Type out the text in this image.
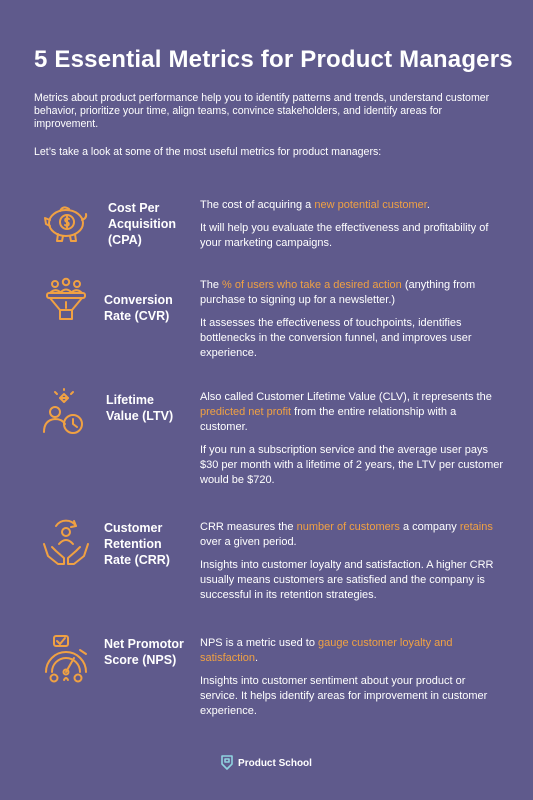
5 Essential Metrics for Product Managers
Metrics about product performance help you to identify patterns and trends, understand customer behavior, prioritize your time, align teams, convince stakeholders, and identify areas for improvement.
Let’s take a look at some of the most useful metrics for product managers:
Cost Per Acquisition (CPA)

The cost of acquiring a new potential customer.

It will help you evaluate the effectiveness and profitability of your marketing campaigns.

Conversion Rate (CVR)

The % of users who take a desired action (anything from purchase to signing up for a newsletter.)

It assesses the effectiveness of touchpoints, identifies bottlenecks in the conversion funnel, and improves user experience.

Lifetime Value (LTV)

Also called Customer Lifetime Value (CLV), it represents the predicted net profit from the entire relationship with a customer.

If you run a subscription service and the average user pays $30 per month with a lifetime of 2 years, the LTV per customer would be $720.

Customer Retention Rate (CRR)

CRR measures the number of customers a company retains over a given period.

Insights into customer loyalty and satisfaction. A higher CRR usually means customers are satisfied and the company is successful in its retention strategies.

Net Promotor Score (NPS)

NPS is a metric used to gauge customer loyalty and satisfaction.

Insights into customer sentiment about your product or service. It helps identify areas for improvement in customer experience.

Product School
